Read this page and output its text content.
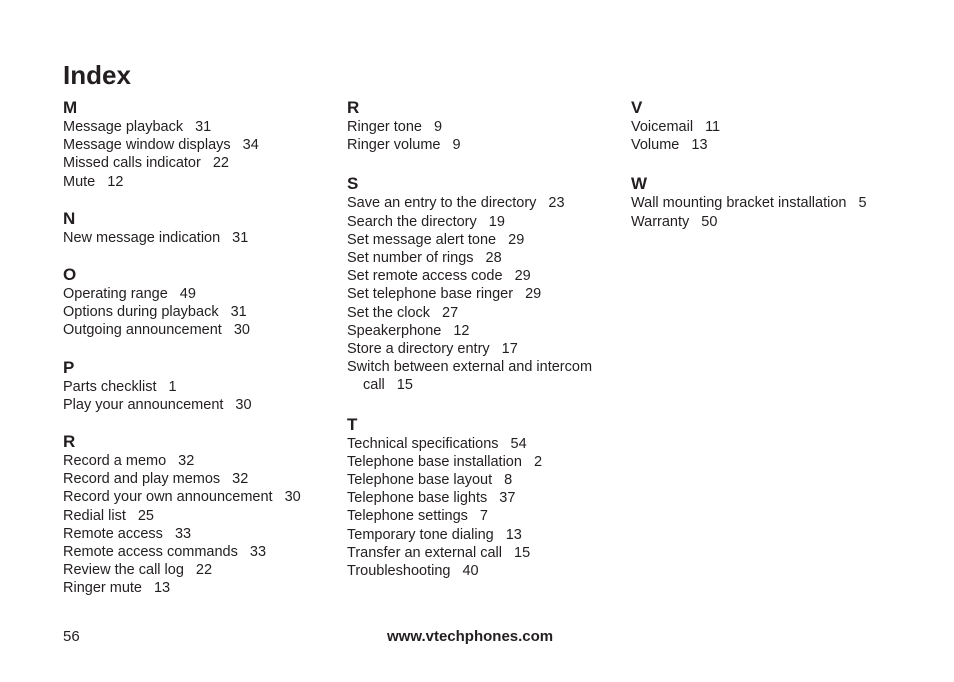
Index
M
Message playback 31
Message window displays 34
Missed calls indicator 22
Mute 12
N
New message indication 31
O
Operating range 49
Options during playback 31
Outgoing announcement 30
P
Parts checklist 1
Play your announcement 30
R
Record a memo 32
Record and play memos 32
Record your own announcement 30
Redial list 25
Remote access 33
Remote access commands 33
Review the call log 22
Ringer mute 13
R
Ringer tone 9
Ringer volume 9
S
Save an entry to the directory 23
Search the directory 19
Set message alert tone 29
Set number of rings 28
Set remote access code 29
Set telephone base ringer 29
Set the clock 27
Speakerphone 12
Store a directory entry 17
Switch between external and intercom
call 15
T
Technical specifications 54
Telephone base installation 2
Telephone base layout 8
Telephone base lights 37
Telephone settings 7
Temporary tone dialing 13
Transfer an external call 15
Troubleshooting 40
V
Voicemail 11
Volume 13
W
Wall mounting bracket installation 5
Warranty 50
56	www.vtechphones.com
